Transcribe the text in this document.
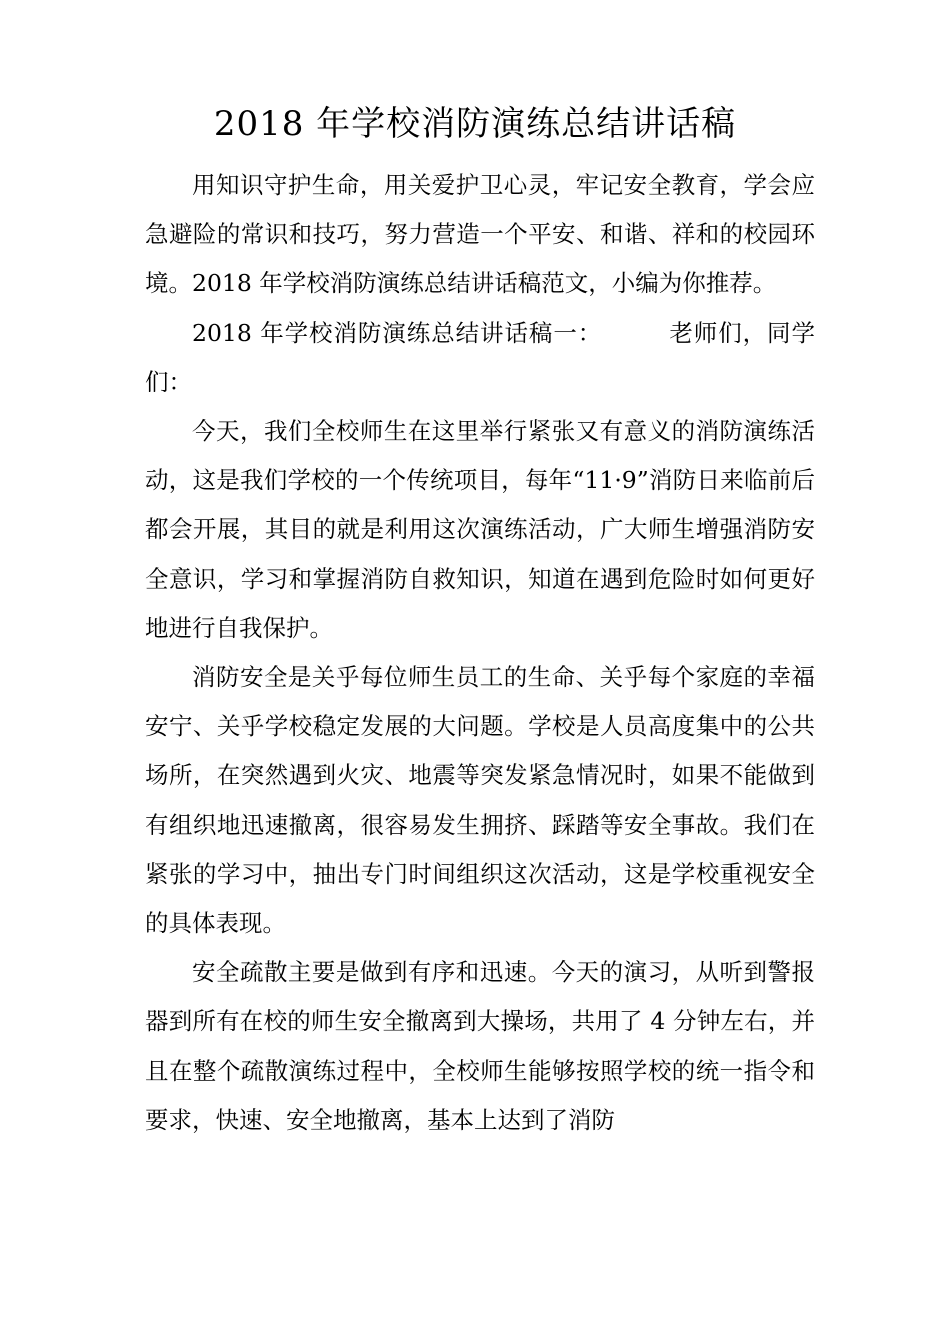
2018 年学校消防演练总结讲话稿

用知识守护生命，用关爱护卫心灵，牢记安全教育，学会应急避险的常识和技巧，努力营造一个平安、和谐、祥和的校园环境。2018 年学校消防演练总结讲话稿范文，小编为你推荐。

2018 年学校消防演练总结讲话稿一：        老师们，同学们：

今天，我们全校师生在这里举行紧张又有意义的消防演练活动，这是我们学校的一个传统项目，每年“11·9”消防日来临前后都会开展，其目的就是利用这次演练活动，广大师生增强消防安全意识，学习和掌握消防自救知识，知道在遇到危险时如何更好地进行自我保护。

消防安全是关乎每位师生员工的生命、关乎每个家庭的幸福安宁、关乎学校稳定发展的大问题。学校是人员高度集中的公共场所，在突然遇到火灾、地震等突发紧急情况时，如果不能做到有组织地迅速撤离，很容易发生拥挤、踩踏等安全事故。我们在紧张的学习中，抽出专门时间组织这次活动，这是学校重视安全的具体表现。

安全疏散主要是做到有序和迅速。今天的演习，从听到警报器到所有在校的师生安全撤离到大操场，共用了 4 分钟左右，并且在整个疏散演练过程中，全校师生能够按照学校的统一指令和要求，快速、安全地撤离，基本上达到了消防
